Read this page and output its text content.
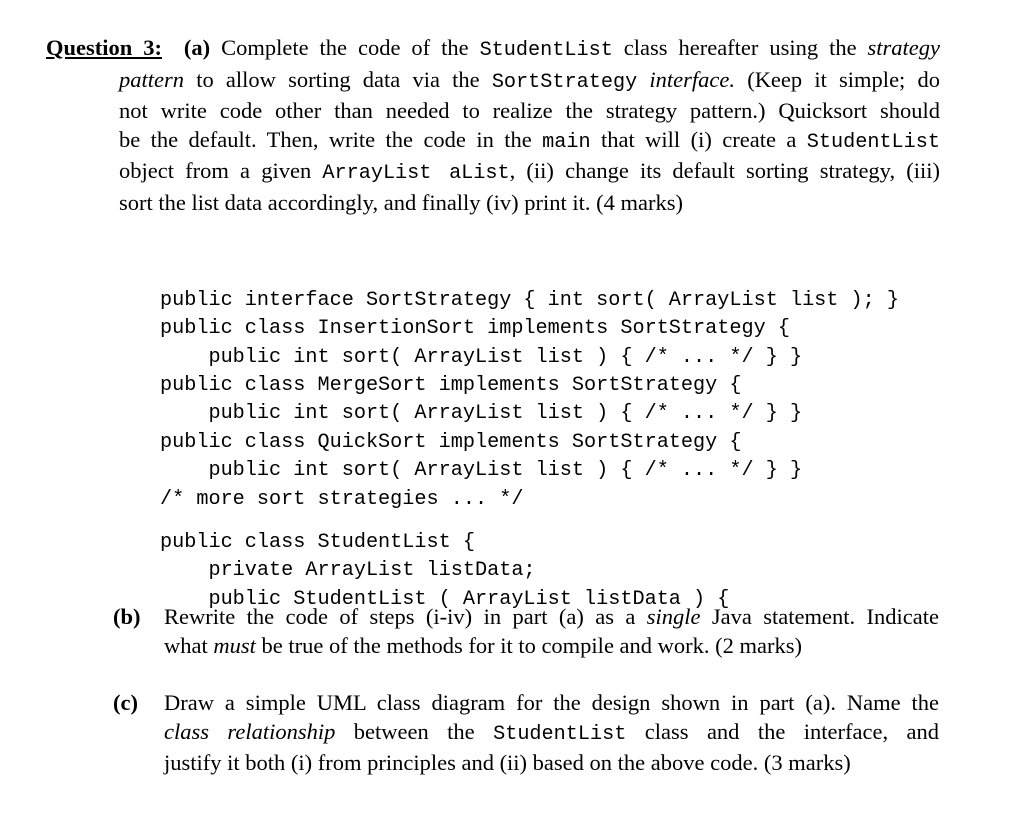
Question 3: (a) Complete the code of the StudentList class hereafter using the strategy
pattern to allow sorting data via the SortStrategy interface. (Keep it simple; do
not write code other than needed to realize the strategy pattern.) Quicksort should
be the default. Then, write the code in the main that will (i) create a StudentList
object from a given ArrayList aList, (ii) change its default sorting strategy, (iii)
sort the list data accordingly, and finally (iv) print it. (4 marks)

public interface SortStrategy { int sort( ArrayList list ); }
public class InsertionSort implements SortStrategy {
public int sort( ArrayList list ) { /* ... */ } }
public class MergeSort implements SortStrategy {
public int sort( ArrayList list ) { /* ... */ } }
public class QuickSort implements SortStrategy {
public int sort( ArrayList list ) { /* ... */ } }
/* more sort strategies ... */

public class StudentList {
private ArrayList listData;
public StudentList ( ArrayList listData ) {

(b) Rewrite the code of steps (i-iv) in part (a) as a single Java statement. Indicate
what must be true of the methods for it to compile and work. (2 marks)
(c) Draw a simple UML class diagram for the design shown in part (a). Name the
class relationship between the StudentList class and the interface, and
justify it both (i) from principles and (ii) based on the above code. (3 marks)
